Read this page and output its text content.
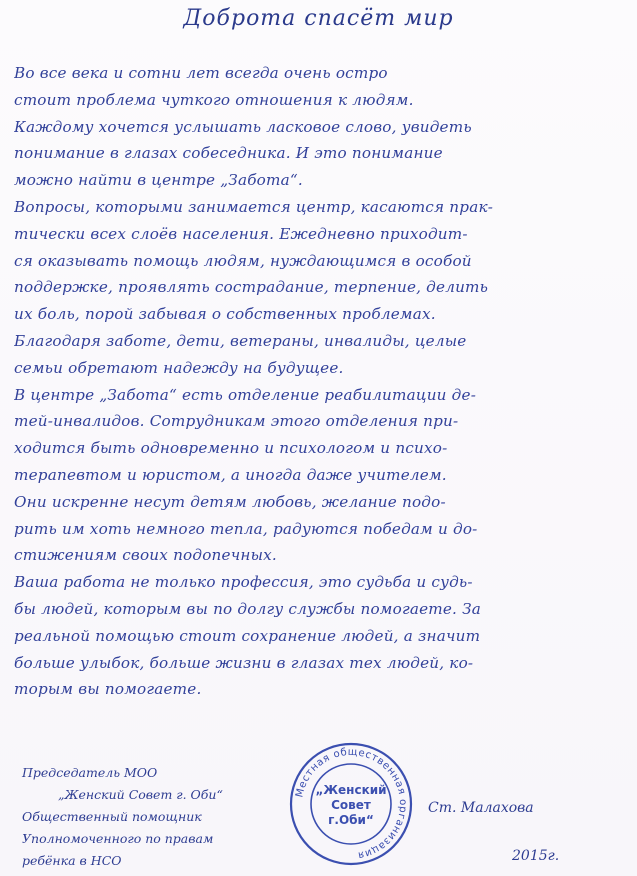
Доброта спасёт мир
Во все века и сотни лет всегда очень остро
стоит проблема чуткого отношения к людям.
Каждому хочется услышать ласковое слово, увидеть
понимание в глазах собеседника. И это понимание
можно найти в центре „Забота“.
Вопросы, которыми занимается центр, касаются прак-
тически всех слоёв населения. Ежедневно приходит-
ся оказывать помощь людям, нуждающимся в особой
поддержке, проявлять сострадание, терпение, делить
их боль, порой забывая о собственных проблемах.
Благодаря заботе, дети, ветераны, инвалиды, целые
семьи обретают надежду на будущее.
В центре „Забота“ есть отделение реабилитации де-
тей-инвалидов. Сотрудникам этого отделения при-
ходится быть одновременно и психологом и психо-
терапевтом и юристом, а иногда даже учителем.
Они искренне несут детям любовь, желание подо-
рить им хоть немного тепла, радуются победам и до-
стижениям своих подопечных.
Ваша работа не только профессия, это судьба и судь-
бы людей, которым вы по долгу службы помогаете. За
реальной помощью стоит сохранение людей, а значит
больше улыбок, больше жизни в глазах тех людей, ко-
торым вы помогаете.
Председатель МОО
„Женский Совет г. Оби“
Общественный помощник
Уполномоченного по правам
ребёнка в НСО
Местная общественная организация
„Женский
Совет
г.Оби“
Ст. Малахова
2015г.
